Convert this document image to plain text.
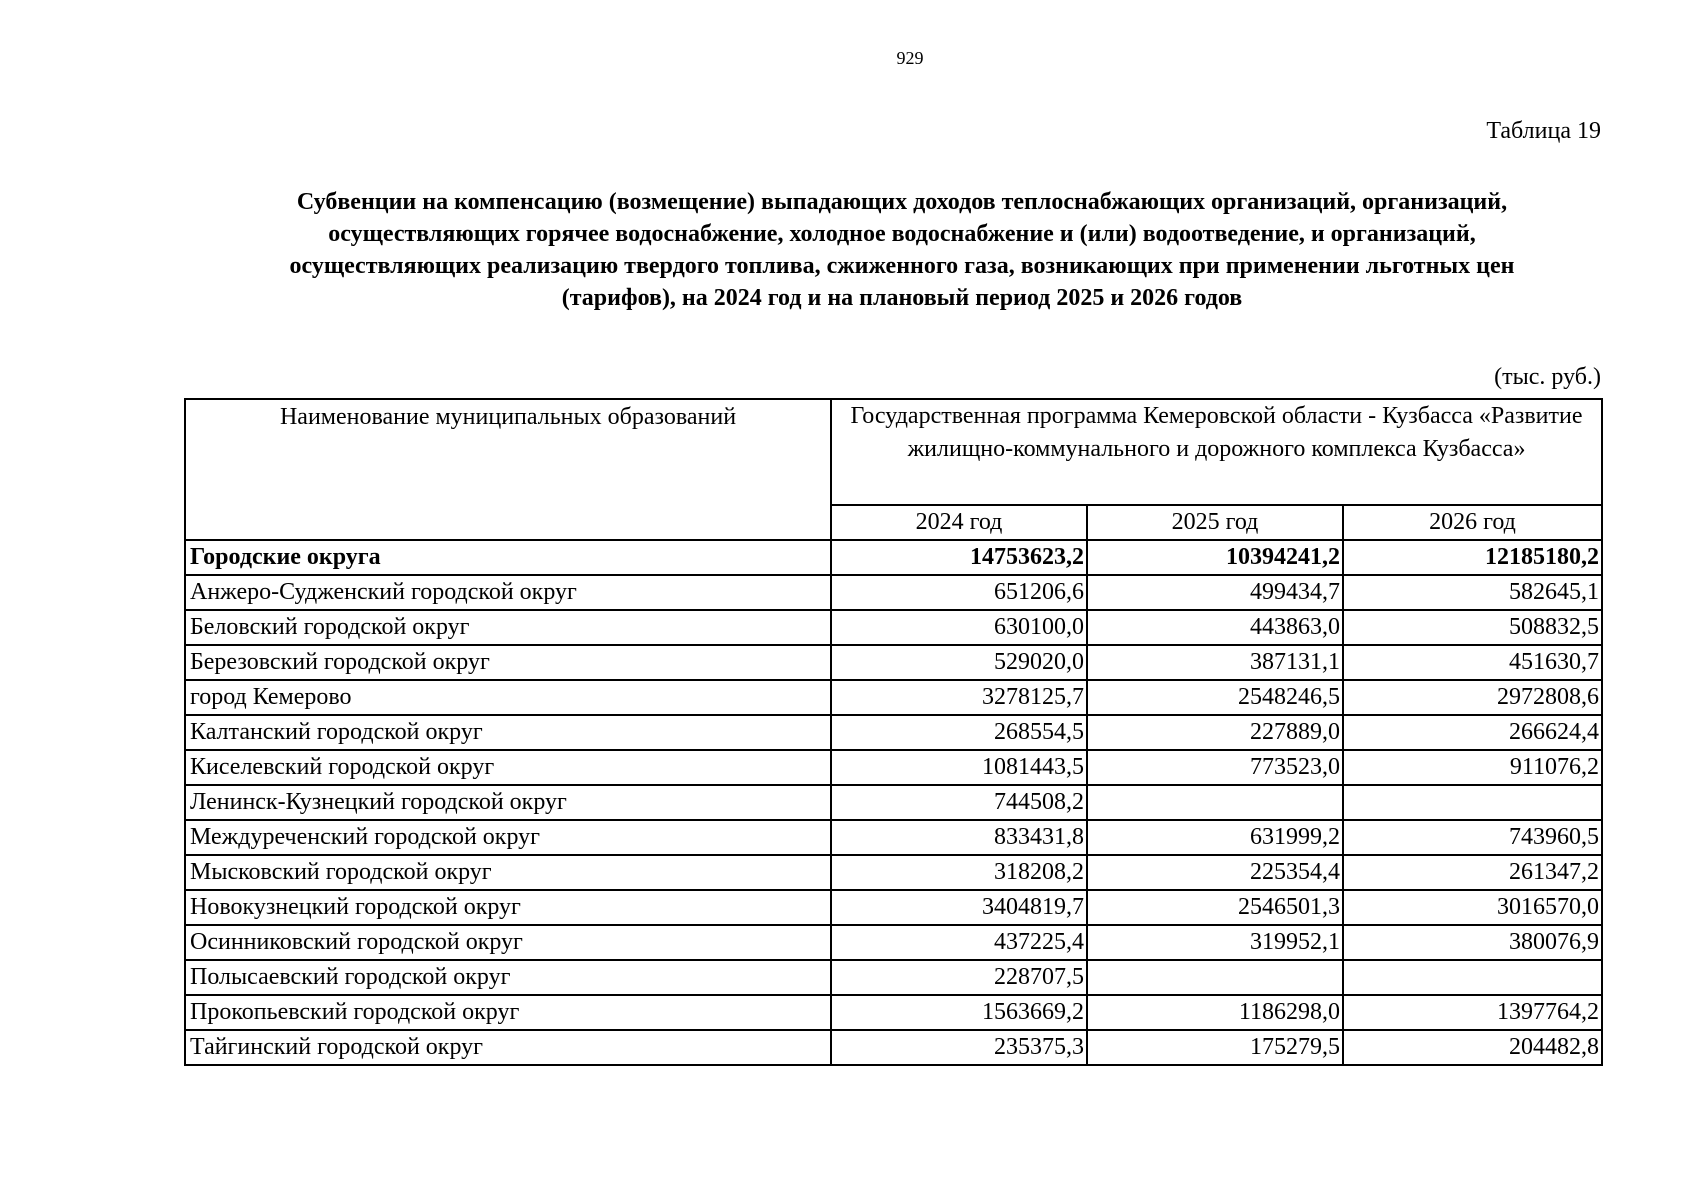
929
Таблица 19
Субвенции на компенсацию (возмещение) выпадающих доходов теплоснабжающих организаций, организаций,
осуществляющих горячее водоснабжение, холодное водоснабжение и (или) водоотведение, и организаций,
осуществляющих реализацию твердого топлива, сжиженного газа, возникающих при применении льготных цен
(тарифов), на 2024 год и на плановый период 2025 и 2026 годов
(тыс. руб.)
Наименование муниципальных образований	Государственная программа Кемеровской области - Кузбасса «Развитие жилищно-коммунального и дорожного комплекса Кузбасса»		
	2024 год	2025 год	2026 год
Городские округа	14753623,2	10394241,2	12185180,2
Анжеро-Судженский городской округ	651206,6	499434,7	582645,1
Беловский городской округ	630100,0	443863,0	508832,5
Березовский городской округ	529020,0	387131,1	451630,7
город Кемерово	3278125,7	2548246,5	2972808,6
Калтанский городской округ	268554,5	227889,0	266624,4
Киселевский городской округ	1081443,5	773523,0	911076,2
Ленинск-Кузнецкий городской округ	744508,2		
Междуреченский городской округ	833431,8	631999,2	743960,5
Мысковский городской округ	318208,2	225354,4	261347,2
Новокузнецкий городской округ	3404819,7	2546501,3	3016570,0
Осинниковский городской округ	437225,4	319952,1	380076,9
Полысаевский городской округ	228707,5		
Прокопьевский городской округ	1563669,2	1186298,0	1397764,2
Тайгинский городской округ	235375,3	175279,5	204482,8
